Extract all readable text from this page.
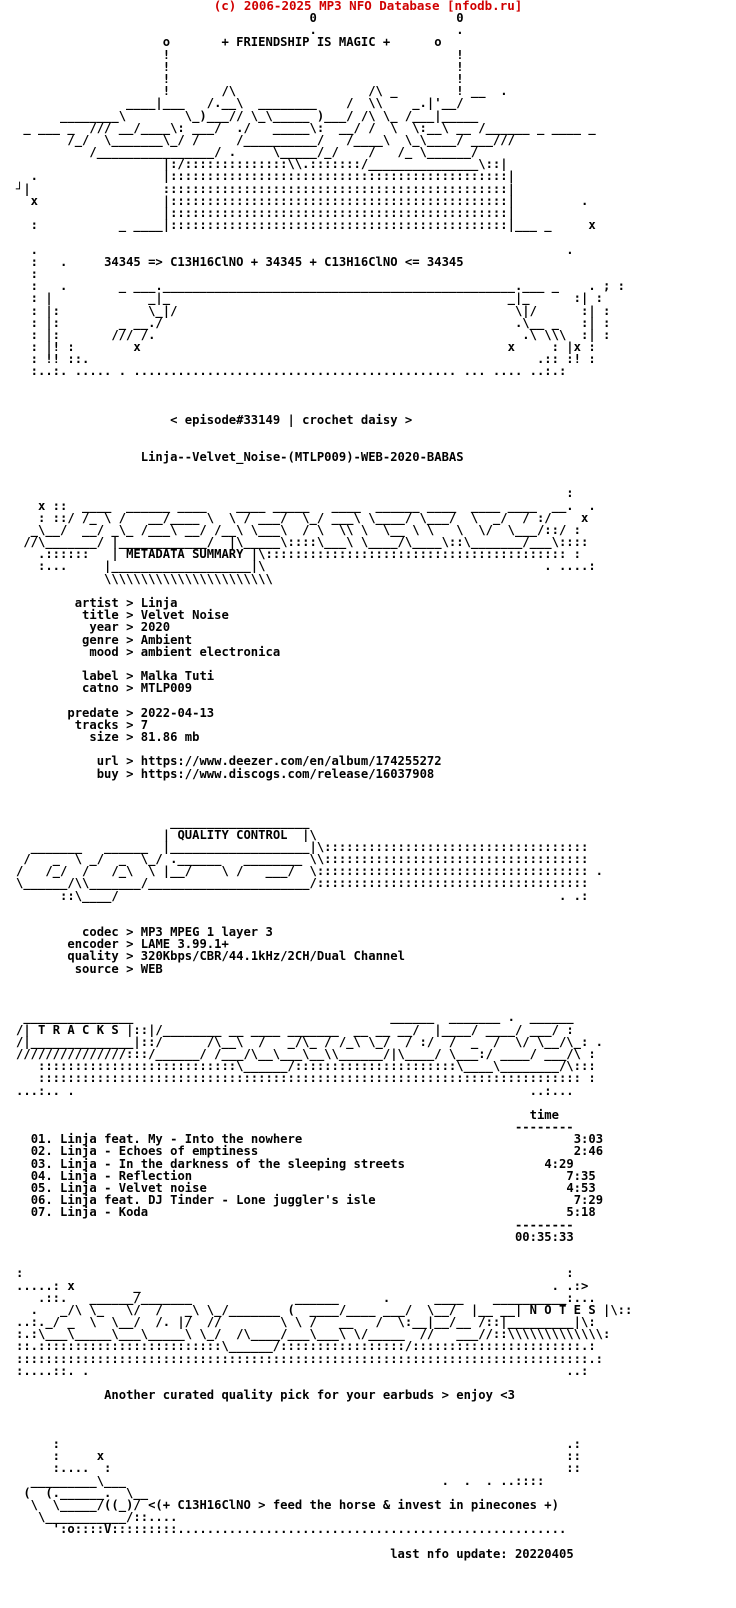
(c) 2006-2025 MP3 NFO Database [nfodb.ru]
0                   0
.                   .
o       + FRIENDSHIP IS MAGIC +      o
!                                       !
!                                       !
!                                       !
!       /\                  /\ _        ! __  .
____|___   /.__\  ________    /  \\    _.|'__/
________\        \_)___// \_\_____ )___/ /\ \_ /___|_____
_ ___ _  /// __/____\: ___/  ./   _____\:  __/ /  \  \:__\ __ /______ _ ____ _
/_/  \_______\_/ /     /__________/   /____\  \_\____/ ___///
/________________/ .     \_____/_/    /   /_ \______/
|:/::::::::::::::\\.:::::::/_______________\::|
.                 |::::::::::::::::::::::::::::::::::::::::::::::|
┘|                  :::::::::::::::::::::::::::::::::::::::::::::::|
x                 |::::::::::::::::::::::::::::::::::::::::::::::|         .
|::::::::::::::::::::::::::::::::::::::::::::::|
:           _ ____|::::::::::::::::::::::::::::::::::::::::::::::|___ _     x

.                                                                        .
:   .     34345 => C13H16ClNO + 34345 + C13H16ClNO <= 34345
:
:   .       _ ___.________________________________________________.___ _    . ; :
: |             _|_                                              _|_      :| :
: |:            \_|/                                              \|/      :| :
: |:        _ __./                                                .\__ _   :| :
: |:       /// /.                                                  .\ \\\  :| :
: |! :        x                                                  x     : |x :
: !! ::.                                                             .:: :! :
:..:. ..... . ............................................ ... .... ..:.:

< episode#33149 | crochet daisy >

Linja--Velvet_Noise-(MTLP009)-WEB-2020-BABAS

:
x ::  ____  ______ ____    ____ _____   ____  ______ ____  ____ ____  __.  .
: ::/ /_ \ /   __/____ \  \ / ___/  \_/ ___\ \____/ \___/  \  _/  / :/    x
_\__/  __/ _\_ /___\ __/ /__\ \___\  / \  \\ \  \__ \ \   \  \/  \___/::/ :
//\_______/ |____________/  |\_____\::::\___\ \____/\____\::\_______/___\::::
.::::::   | METADATA SUMMARY |\::::::::::::::::::::::::::::::::::::::::: :
:...     |___________________|\                                      . ....:
\\\\\\\\\\\\\\\\\\\\\\\

artist > Linja
title > Velvet Noise
year > 2020
genre > Ambient
mood > ambient electronica

label > Malka Tuti
catno > MTLP009

predate > 2022-04-13
tracks > 7
size > 81.86 mb

url > https://www.deezer.com/en/album/174255272
buy > https://www.discogs.com/release/16037908

___________________
| QUALITY CONTROL  |\
_______   ______  |___________________|\::::::::::::::::::::::::::::::::::::
/   _  \ _/  _  \_/ .______   ________ \\::::::::::::::::::::::::::::::::::::
/   /_/  /   /_\  \ |__/    \ /   ___/  \::::::::::::::::::::::::::::::::::::: .
\______/\\_______/______________________/:::::::::::::::::::::::::::::::::::::
::\____/                                                            . .:

codec > MP3 MPEG 1 layer 3
encoder > LAME 3.99.1+
quality > 320Kbps/CBR/44.1kHz/2CH/Dual Channel
source > WEB

_______________                                   ______  _______ .  ______
/| T R A C K S |::|/________ __ ____ _______  __ __ __/  |____/ ____/ ___/ :
/|______________|::/      /\__\  /   _/\_ / /_\ \_/  / :/  /  _  /  \/ \__/\_: .
///////////////:::/______/ /___/\__\___\__\\______/|\____/ \___:/ ____/ ___/\ :
:::::::::::::::::::::::::::\______/::::::::::::::::::::::\____\________/\:::
:::::::::::::::::::::::::::::::::::::::::::::::::::::::::::::::::::::::::: :
...:.. .                                                              ..:...

time
--------
01. Linja feat. My - Into the nowhere	3:03
02. Linja - Echoes of emptiness	2:46
03. Linja - In the darkness of the sleeping streets	4:29
04. Linja - Reflection	7:35
05. Linja - Velvet noise	4:53
06. Linja feat. DJ Tinder - Lone juggler's isle	7:29
07. Linja - Koda	5:18
--------
00:35:33

:                                                                          :
.....: x        _                                                        . .:>
.::.   ______/_______              ______      .      ____    __________:...
.   _/\ \_   \/  /   _\ \_/_______ (  ____/____ ___/  \__/  |__ __| N O T E S |\::
..:._/ _  \  \__/  /. |/  //        \ \ /   __   /  \:__|__/__ /::|_________|\:
:.:\___\_____\___\_____\ \_/  /\____/___\___\ \/_____  //   ___//::\\\\\\\\\\\\\:
::.:::::::::::::::::::::::::\______/:::::::::::::::::/:::::::::::::::::::::::.:
::::::::::::::::::::::::::::::::::::::::::::::::::::::::::::::::::::::::::::::.:
:....::. .                                                                 ..:

Another curated quality pick for your earbuds > enjoy <3

:                                                                     .:
:     x                                                               ::
:....  :                                                              ::
_________\___                                           .  .  . ..::::
(  (.______.  \__
\  \_____/((_)/ <(+ C13H16ClNO > feed the horse & invest in pinecones +)
\___________/::....
':o::::V:::::::::.....................................................

last nfo update: 20220405
